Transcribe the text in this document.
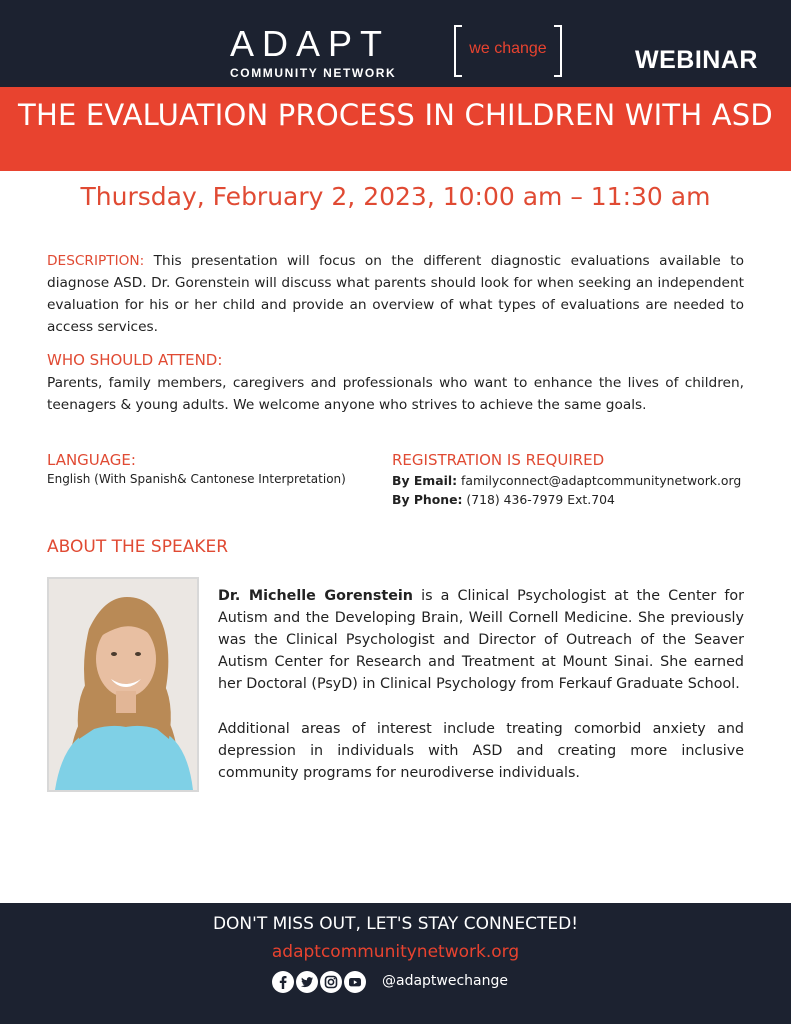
ADAPT
COMMUNITY NETWORK
we change	WEBINAR
THE EVALUATION PROCESS IN CHILDREN WITH ASD
Thursday, February 2, 2023, 10:00 am – 11:30 am
DESCRIPTION: This presentation will focus on the different diagnostic evaluations available to diagnose ASD. Dr. Gorenstein will discuss what parents should look for when seeking an independent evaluation for his or her child and provide an overview of what types of evaluations are needed to access services.
WHO SHOULD ATTEND:
Parents, family members, caregivers and professionals who want to enhance the lives of children, teenagers & young adults. We welcome anyone who strives to achieve the same goals.
LANGUAGE:
English (With Spanish& Cantonese Interpretation)
REGISTRATION IS REQUIRED
By Email: familyconnect@adaptcommunitynetwork.org
By Phone: (718) 436-7979 Ext.704
ABOUT THE SPEAKER
Dr. Michelle Gorenstein is a Clinical Psychologist at the Center for Autism and the Developing Brain, Weill Cornell Medicine. She previously was the Clinical Psychologist and Director of Outreach of the Seaver Autism Center for Research and Treatment at Mount Sinai. She earned her Doctoral (PsyD) in Clinical Psychology from Ferkauf Graduate School.
Additional areas of interest include treating comorbid anxiety and depression in individuals with ASD and creating more inclusive community programs for neurodiverse individuals.
DON'T MISS OUT, LET'S STAY CONNECTED!
adaptcommunitynetwork.org
@adaptwechange
